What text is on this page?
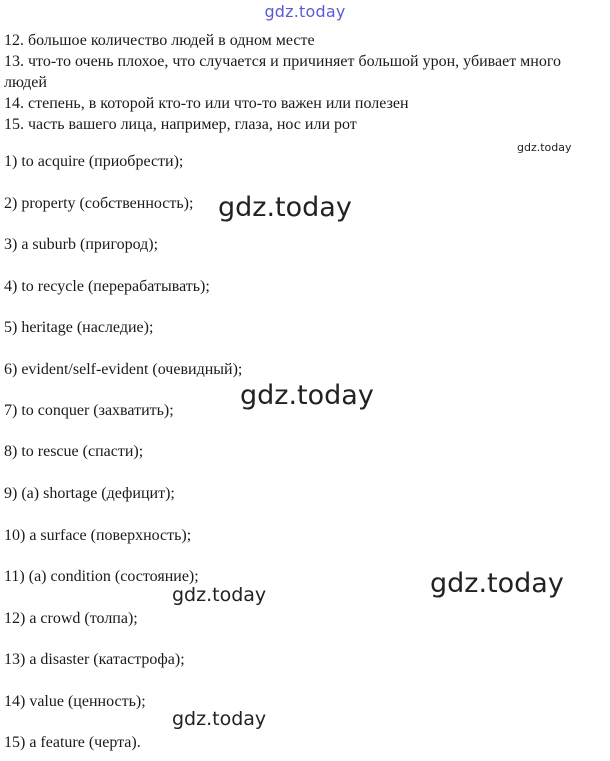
gdz.today
12. большое количество людей в одном месте
13. что-то очень плохое, что случается и причиняет большой урон, убивает много людей
14. степень, в которой кто-то или что-то важен или полезен
15. часть вашего лица, например, глаза, нос или рот
1) to acquire (приобрести);
2) property (собственность);
3) a suburb (пригород);
4) to recycle (перерабатывать);
5) heritage (наследие);
6) evident/self-evident (очевидный);
7) to conquer (захватить);
8) to rescue (спасти);
9) (a) shortage (дефицит);
10) a surface (поверхность);
11) (a) condition (состояние);
12) a crowd (толпа);
13) a disaster (катастрофа);
14) value (ценность);
15) a feature (черта).
gdz.today
gdz.today
gdz.today
gdz.today
gdz.today
gdz.today
